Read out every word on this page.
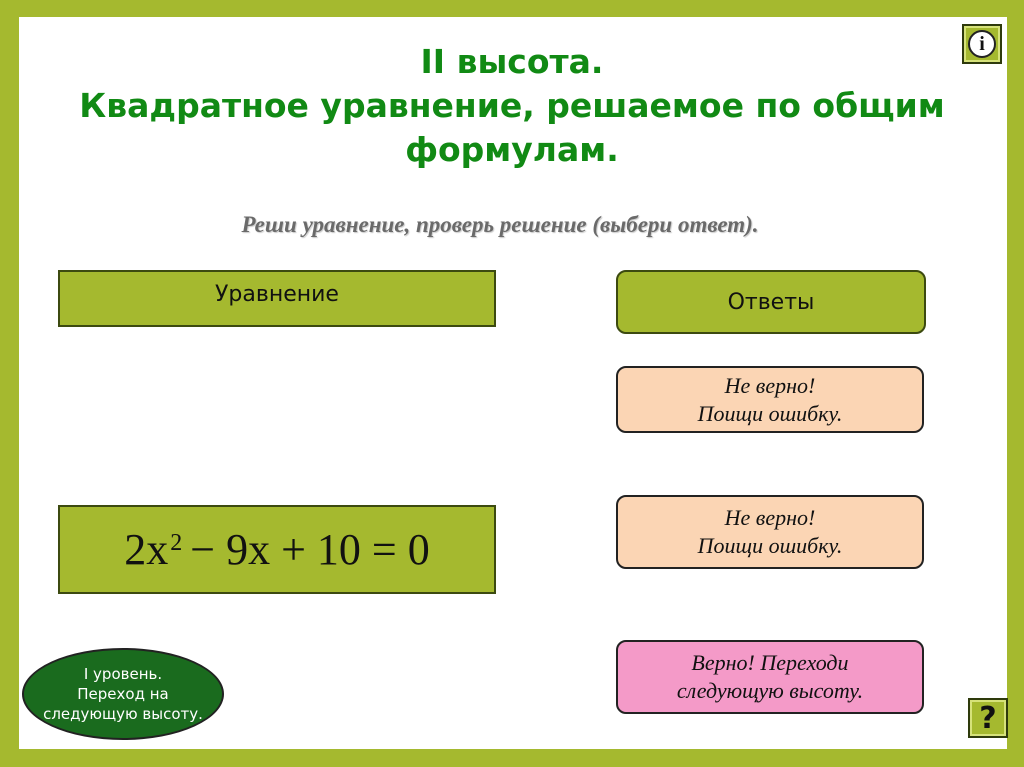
II высота.
Квадратное уравнение, решаемое по общим
формулам.
Реши уравнение, проверь решение (выбери ответ).
Уравнение	Ответы
$2x^2 - 9x + 10 = 0$
Не верно!
Поищи ошибку.
Не верно!
Поищи ошибку.
Верно! Переходи
следующую высоту.
I уровень.
Переход на
следующую высоту.
i
?
